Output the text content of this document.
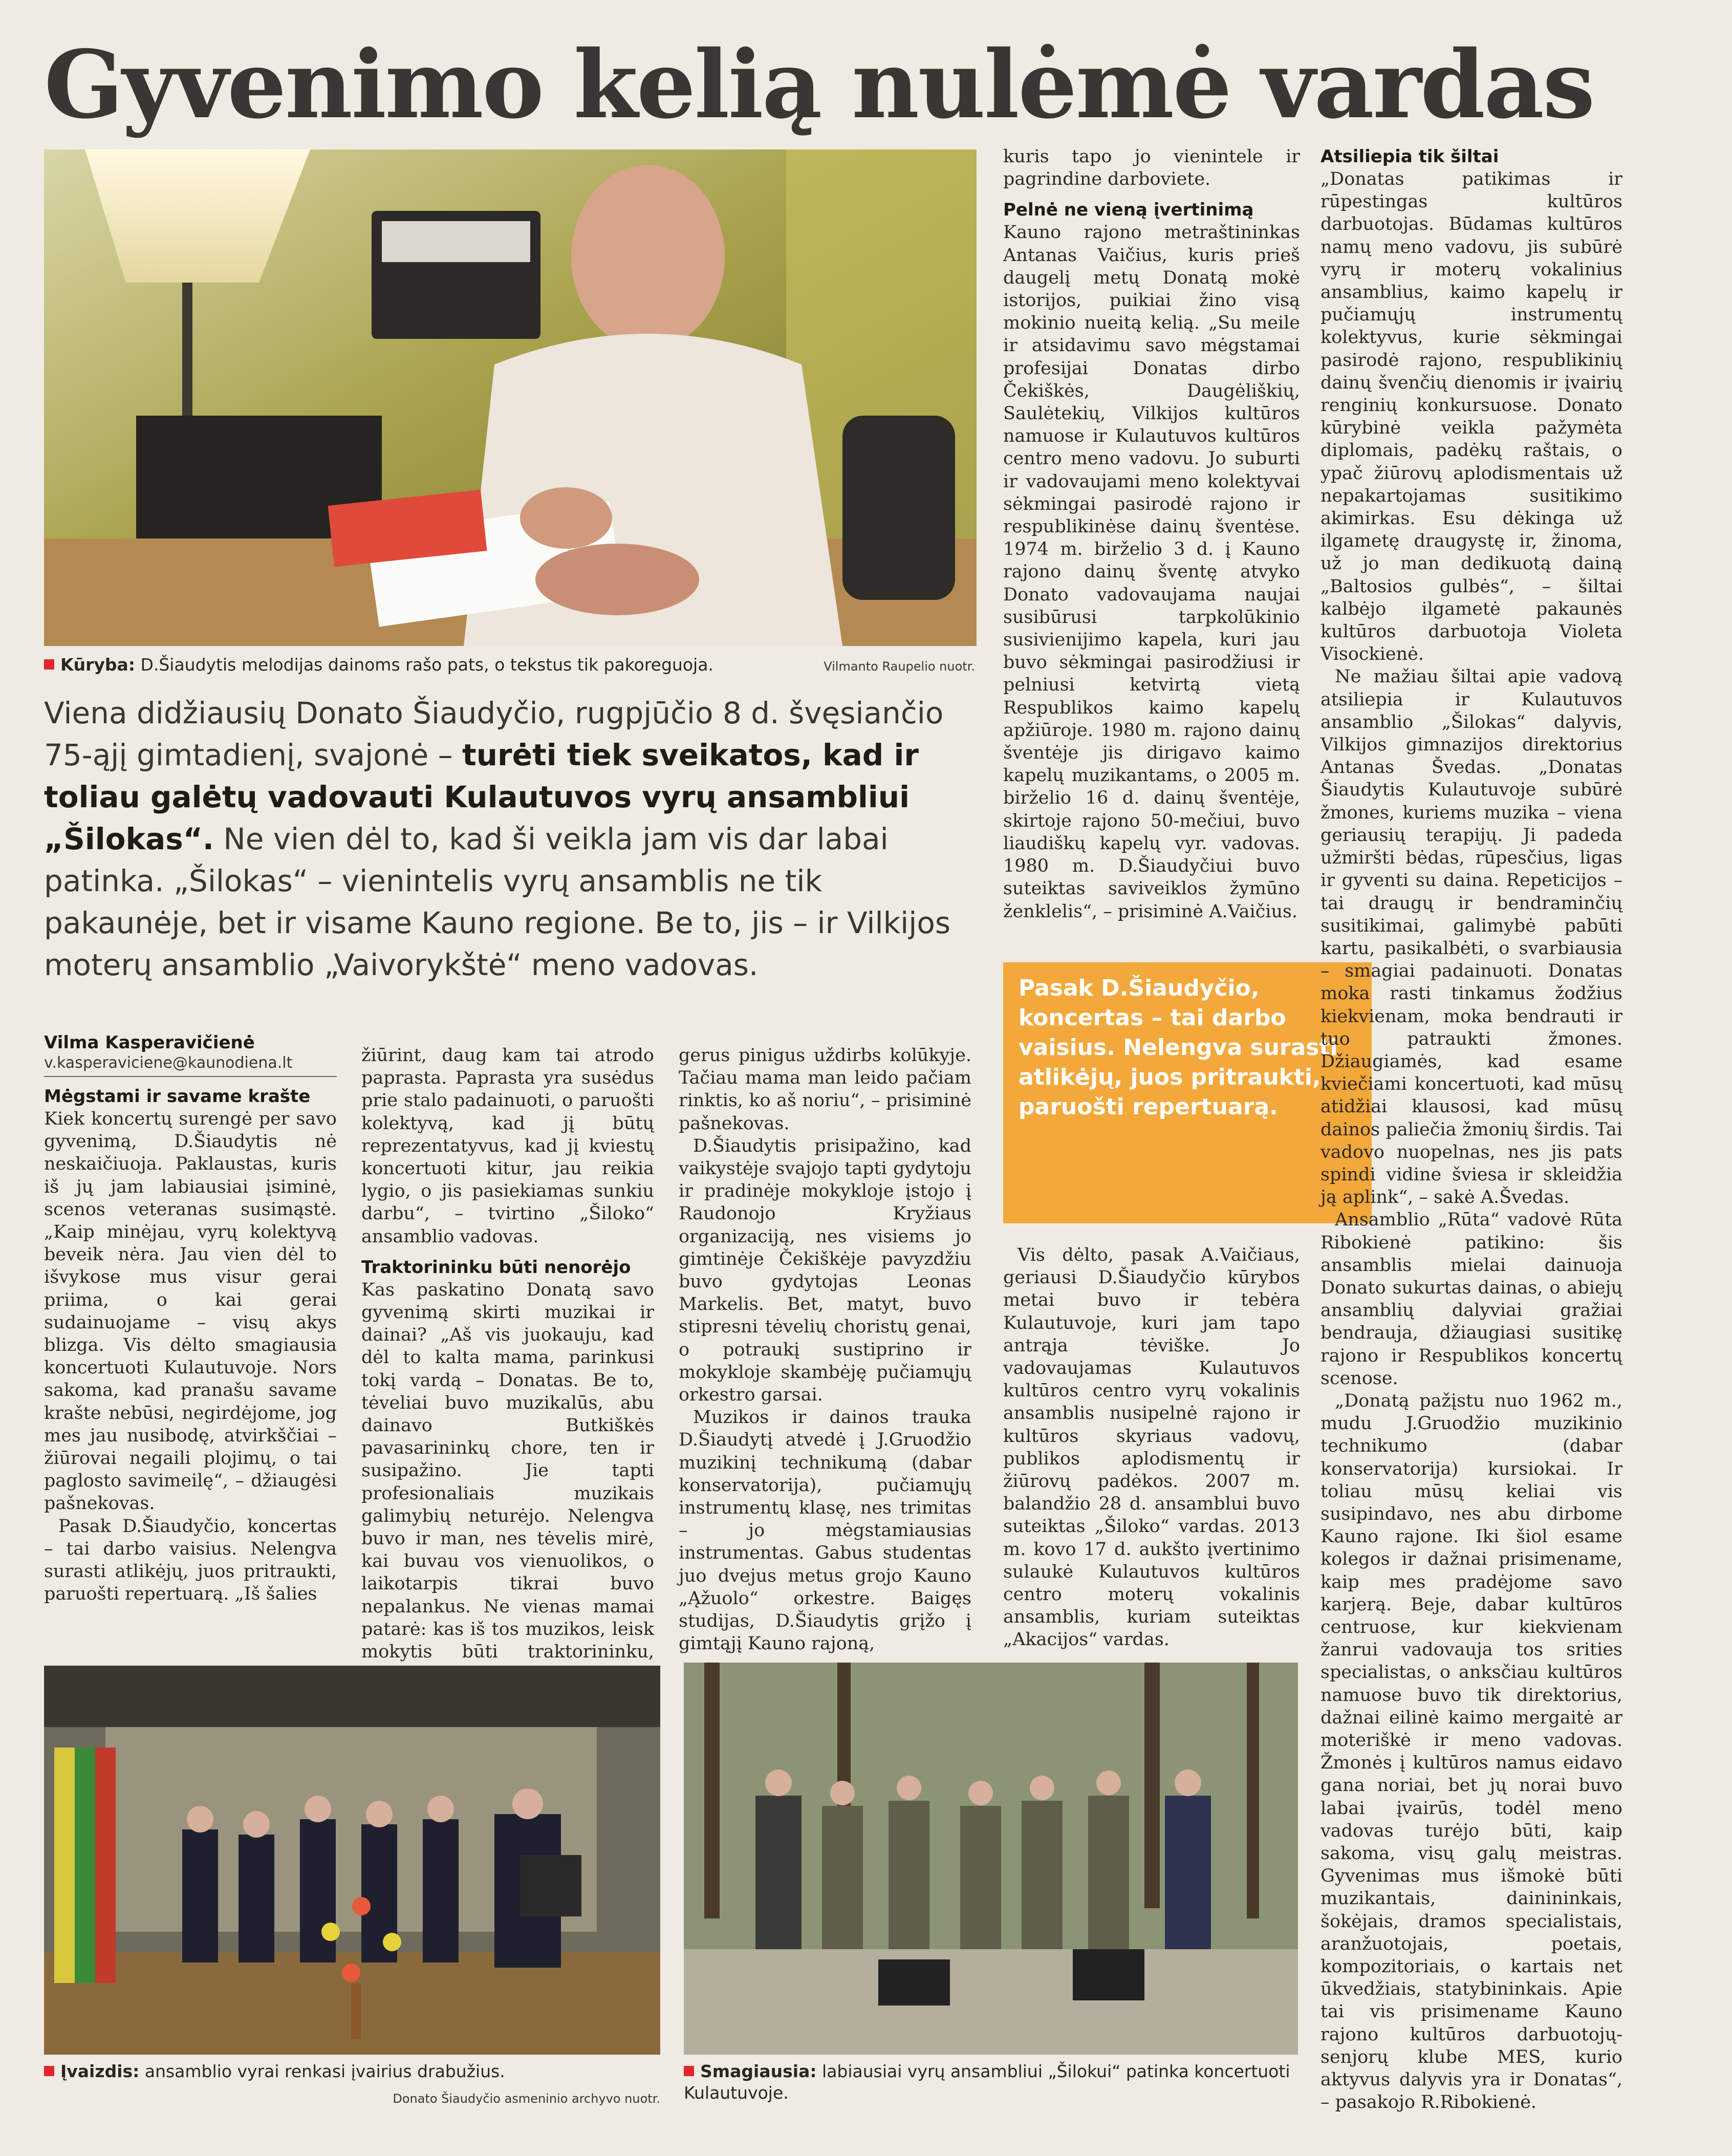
Gyvenimo kelią nulėmė vardas
Kūryba: D.Šiaudytis melodijas dainoms rašo pats, o tekstus tik pakoreguoja.	Vilmanto Raupelio nuotr.
Viena didžiausių Donato Šiaudyčio, rugpjūčio 8 d. švęsiančio 75-ąjį gimtadienį, svajonė – turėti tiek sveikatos, kad ir toliau galėtų vadovauti Kulautuvos vyrų ansambliui „Šilokas“. Ne vien dėl to, kad ši veikla jam vis dar labai patinka. „Šilokas“ – vienintelis vyrų ansamblis ne tik pakaunėje, bet ir visame Kauno regione. Be to, jis – ir Vilkijos moterų ansamblio „Vaivorykštė“ meno vadovas.
Vilma Kasperavičienė
v.kasperaviciene@kaunodiena.lt
Mėgstami ir savame krašte

Kiek koncertų surengė per savo gyvenimą, D.Šiaudytis nė neskaičiuoja. Paklaustas, kuris iš jų jam labiausiai įsiminė, scenos veteranas susimąstė. „Kaip minėjau, vyrų kolektyvą beveik nėra. Jau vien dėl to išvykose mus visur gerai priima, o kai gerai sudainuojame – visų akys blizga. Vis dėlto smagiausia koncertuoti Kulautuvoje. Nors sakoma, kad pranašu savame krašte nebūsi, negirdėjome, jog mes jau nusibodę, atvirkščiai – žiūrovai negaili plojimų, o tai paglosto savimeilę“, – džiaugėsi pašnekovas.

Pasak D.Šiaudyčio, koncertas – tai darbo vaisius. Nelengva surasti atlikėjų, juos pritraukti, paruošti repertuarą. „Iš šalies

žiūrint, daug kam tai atrodo paprasta. Paprasta yra susėdus prie stalo padainuoti, o paruošti kolektyvą, kad jį būtų reprezentatyvus, kad jį kviestų koncertuoti kitur, jau reikia lygio, o jis pasiekiamas sunkiu darbu“, – tvirtino „Šiloko“ ansamblio vadovas.

Traktorininku būti nenorėjo

Kas paskatino Donatą savo gyvenimą skirti muzikai ir dainai? „Aš vis juokauju, kad dėl to kalta mama, parinkusi tokį vardą – Donatas. Be to, tėveliai buvo muzikalūs, abu dainavo Butkiškės pavasarininkų chore, ten ir susipažino. Jie tapti profesionaliais muzikais galimybių neturėjo. Nelengva buvo ir man, nes tėvelis mirė, kai buvau vos vienuolikos, o laikotarpis tikrai buvo nepalankus. Ne vienas mamai patarė: kas iš tos muzikos, leisk mokytis būti traktorininku,

gerus pinigus uždirbs kolūkyje. Tačiau mama man leido pačiam rinktis, ko aš noriu“, – prisiminė pašnekovas.

D.Šiaudytis prisipažino, kad vaikystėje svajojo tapti gydytoju ir pradinėje mokykloje įstojo į Raudonojo Kryžiaus organizaciją, nes visiems jo gimtinėje Čekiškėje pavyzdžiu buvo gydytojas Leonas Markelis. Bet, matyt, buvo stipresni tėvelių choristų genai, o potraukį sustiprino ir mokykloje skambėję pučiamųjų orkestro garsai.

Muzikos ir dainos trauka D.Šiaudytį atvedė į J.Gruodžio muzikinį technikumą (dabar konservatorija), pučiamųjų instrumentų klasę, nes trimitas – jo mėgstamiausias instrumentas. Gabus studentas juo dvejus metus grojo Kauno „Ąžuolo“ orkestre. Baigęs studijas, D.Šiaudytis grįžo į gimtąjį Kauno rajoną,

kuris tapo jo vienintele ir pagrindine darboviete.

Pelnė ne vieną įvertinimą

Kauno rajono metraštininkas Antanas Vaičius, kuris prieš daugelį metų Donatą mokė istorijos, puikiai žino visą mokinio nueitą kelią. „Su meile ir atsidavimu savo mėgstamai profesijai Donatas dirbo Čekiškės, Daugėliškių, Saulėtekių, Vilkijos kultūros namuose ir Kulautuvos kultūros centro meno vadovu. Jo suburti ir vadovaujami meno kolektyvai sėkmingai pasirodė rajono ir respublikinėse dainų šventėse. 1974 m. birželio 3 d. į Kauno rajono dainų šventę atvyko Donato vadovaujama naujai susibūrusi tarpkolūkinio susivienijimo kapela, kuri jau buvo sėkmingai pasirodžiusi ir pelniusi ketvirtą vietą Respublikos kaimo kapelų apžiūroje. 1980 m. rajono dainų šventėje jis dirigavo kaimo kapelų muzikantams, o 2005 m. birželio 16 d. dainų šventėje, skirtoje rajono 50-mečiui, buvo liaudiškų kapelų vyr. vadovas. 1980 m. D.Šiaudyčiui buvo suteiktas saviveiklos žymūno ženklelis“, – prisiminė A.Vaičius.

Pasak D.Šiaudyčio, koncertas – tai darbo vaisius. Nelengva surasti atlikėjų, juos pritraukti, paruošti repertuarą.

Vis dėlto, pasak A.Vaičiaus, geriausi D.Šiaudyčio kūrybos metai buvo ir tebėra Kulautuvoje, kuri jam tapo antrąja tėviške. Jo vadovaujamas Kulautuvos kultūros centro vyrų vokalinis ansamblis nusipelnė rajono ir kultūros skyriaus vadovų, publikos aplodismentų ir žiūrovų padėkos. 2007 m. balandžio 28 d. ansamblui buvo suteiktas „Šiloko“ vardas. 2013 m. kovo 17 d. aukšto įvertinimo sulaukė Kulautuvos kultūros centro moterų vokalinis ansamblis, kuriam suteiktas „Akacijos“ vardas.

Atsiliepia tik šiltai

„Donatas patikimas ir rūpestingas kultūros darbuotojas. Būdamas kultūros namų meno vadovu, jis subūrė vyrų ir moterų vokalinius ansamblius, kaimo kapelų ir pučiamųjų instrumentų kolektyvus, kurie sėkmingai pasirodė rajono, respublikinių dainų švenčių dienomis ir įvairių renginių konkursuose. Donato kūrybinė veikla pažymėta diplomais, padėkų raštais, o ypač žiūrovų aplodismentais už nepakartojamas susitikimo akimirkas. Esu dėkinga už ilgametę draugystę ir, žinoma, už jo man dedikuotą dainą „Baltosios gulbės“, – šiltai kalbėjo ilgametė pakaunės kultūros darbuotoja Violeta Visockienė.

Ne mažiau šiltai apie vadovą atsiliepia ir Kulautuvos ansamblio „Šilokas“ dalyvis, Vilkijos gimnazijos direktorius Antanas Švedas. „Donatas Šiaudytis Kulautuvoje subūrė žmones, kuriems muzika – viena geriausių terapijų. Ji padeda užmiršti bėdas, rūpesčius, ligas ir gyventi su daina. Repeticijos – tai draugų ir bendraminčių susitikimai, galimybė pabūti kartu, pasikalbėti, o svarbiausia – smagiai padainuoti. Donatas moka rasti tinkamus žodžius kiekvienam, moka bendrauti ir tuo patraukti žmones. Džiaugiamės, kad esame kviečiami koncertuoti, kad mūsų atidžiai klausosi, kad mūsų dainos paliečia žmonių širdis. Tai vadovo nuopelnas, nes jis pats spindi vidine šviesa ir skleidžia ją aplink“, – sakė A.Švedas.

Ansamblio „Rūta“ vadovė Rūta Ribokienė patikino: šis ansamblis mielai dainuoja Donato sukurtas dainas, o abiejų ansamblių dalyviai gražiai bendrauja, džiaugiasi susitikę rajono ir Respublikos koncertų scenose.

„Donatą pažįstu nuo 1962 m., mudu J.Gruodžio muzikinio technikumo (dabar konservatorija) kursiokai. Ir toliau mūsų keliai vis susipindavo, nes abu dirbome Kauno rajone. Iki šiol esame kolegos ir dažnai prisimename, kaip mes pradėjome savo karjerą. Beje, dabar kultūros centruose, kur kiekvienam žanrui vadovauja tos srities specialistas, o anksčiau kultūros namuose buvo tik direktorius, dažnai eilinė kaimo mergaitė ar moteriškė ir meno vadovas. Žmonės į kultūros namus eidavo gana noriai, bet jų norai buvo labai įvairūs, todėl meno vadovas turėjo būti, kaip sakoma, visų galų meistras. Gyvenimas mus išmokė būti muzikantais, dainininkais, šokėjais, dramos specialistais, aranžuotojais, poetais, kompozitoriais, o kartais net ūkvedžiais, statybininkais. Apie tai vis prisimename Kauno rajono kultūros darbuotojų-senjorų klube MES, kurio aktyvus dalyvis yra ir Donatas“, – pasakojo R.Ribokienė.

Įvaizdis: ansamblio vyrai renkasi įvairius drabužius.
Donato Šiaudyčio asmeninio archyvo nuotr.
Smagiausia: labiausiai vyrų ansambliui „Šilokui“ patinka koncertuoti Kulautuvoje.
